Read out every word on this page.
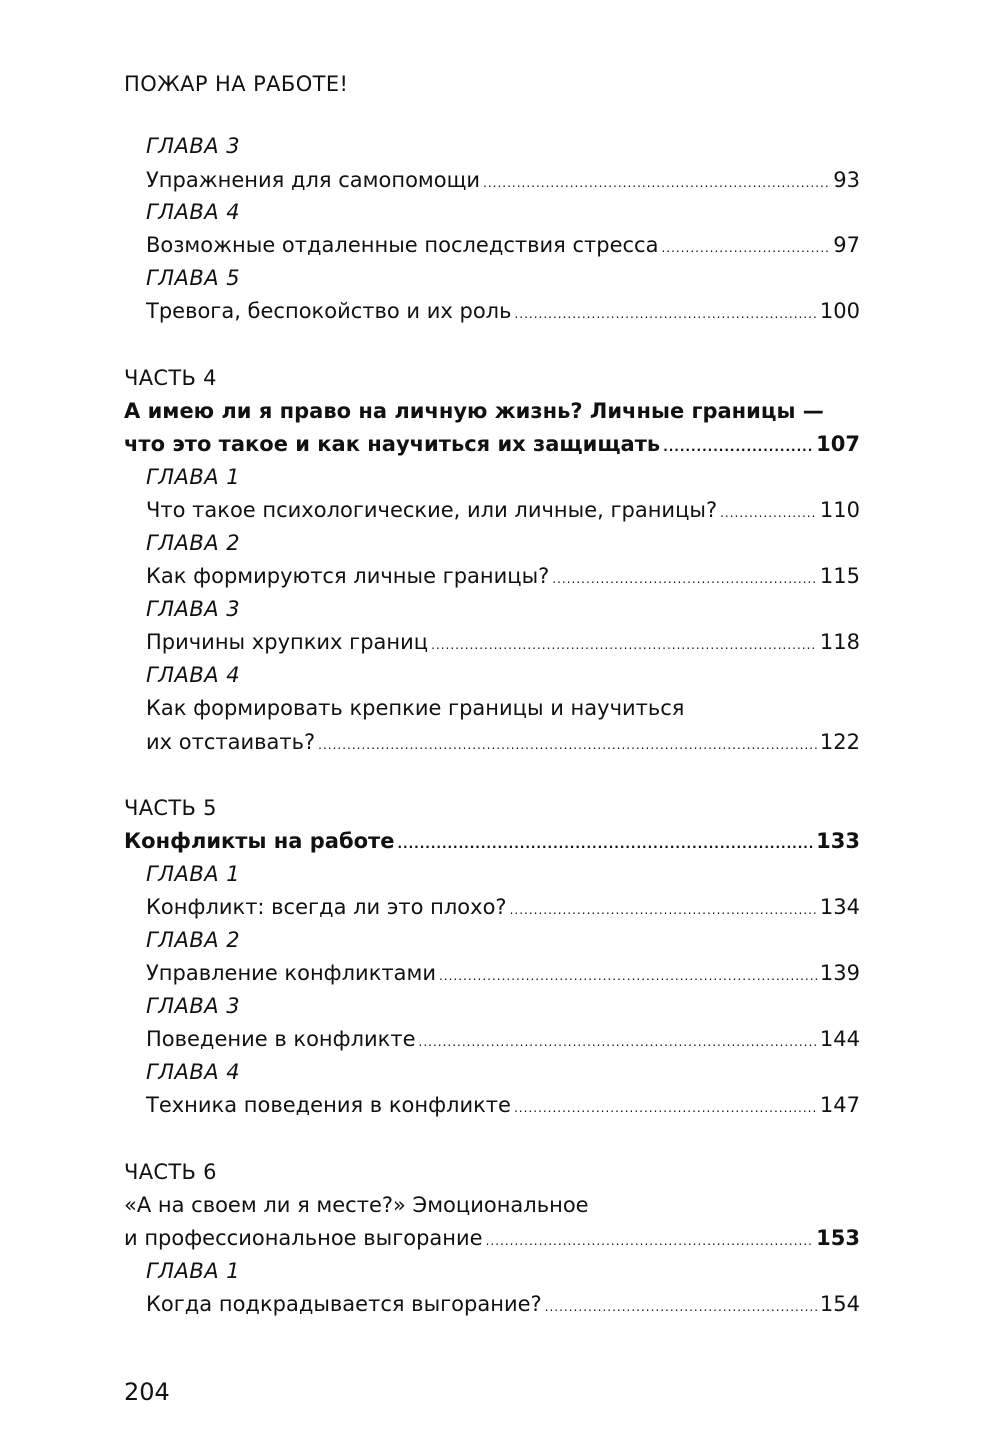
ПОЖАР НА РАБОТЕ!
ГЛАВА 3
Упражнения для самопомощи .....	93
ГЛАВА 4
Возможные отдаленные последствия стресса .....	97
ГЛАВА 5
Тревога, беспокойство и их роль .....	100
ЧАСТЬ 4
А имею ли я право на личную жизнь? Личные границы —
что это такое и как научиться их защищать .....	107
ГЛАВА 1
Что такое психологические, или личные, границы? .....	110
ГЛАВА 2
Как формируются личные границы? .....	115
ГЛАВА 3
Причины хрупких границ .....	118
ГЛАВА 4
Как формировать крепкие границы и научиться
их отстаивать? .....	122
ЧАСТЬ 5
Конфликты на работе .....	133
ГЛАВА 1
Конфликт: всегда ли это плохо? .....	134
ГЛАВА 2
Управление конфликтами .....	139
ГЛАВА 3
Поведение в конфликте .....	144
ГЛАВА 4
Техника поведения в конфликте .....	147
ЧАСТЬ 6
«А на своем ли я месте?» Эмоциональное
и профессиональное выгорание .....	153
ГЛАВА 1
Когда подкрадывается выгорание? .....	154
204
